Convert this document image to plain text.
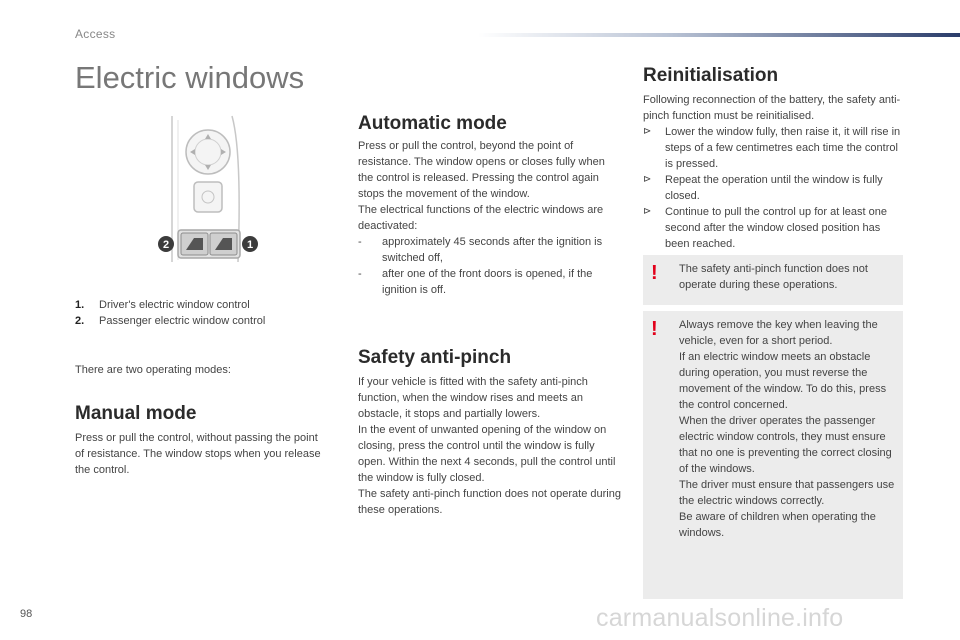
Access
Electric windows
2	1
1. Driver's electric window control
2. Passenger electric window control
There are two operating modes:
Manual mode
Press or pull the control, without passing the point of resistance. The window stops when you release the control.
Automatic mode

Press or pull the control, beyond the point of resistance. The window opens or closes fully when the control is released. Pressing the control again stops the movement of the window.

The electrical functions of the electric windows are deactivated:

- approximately 45 seconds after the ignition is switched off,
- after one of the front doors is opened, if the ignition is off.
Safety anti-pinch

If your vehicle is fitted with the safety anti-pinch function, when the window rises and meets an obstacle, it stops and partially lowers.

In the event of unwanted opening of the window on closing, press the control until the window is fully open. Within the next 4 seconds, pull the control until the window is fully closed.

The safety anti-pinch function does not operate during these operations.

Reinitialisation

Following reconnection of the battery, the safety anti-pinch function must be reinitialised.

⊳ Lower the window fully, then raise it, it will rise in steps of a few centimetres each time the control is pressed.
⊳ Repeat the operation until the window is fully closed.
⊳ Continue to pull the control up for at least one second after the window closed position has been reached.
! The safety anti-pinch function does not operate during these operations.
! Always remove the key when leaving the vehicle, even for a short period.

If an electric window meets an obstacle during operation, you must reverse the movement of the window. To do this, press the control concerned.

When the driver operates the passenger electric window controls, they must ensure that no one is preventing the correct closing of the windows.

The driver must ensure that passengers use the electric windows correctly.

Be aware of children when operating the windows.

98	carmanualsonline.info
